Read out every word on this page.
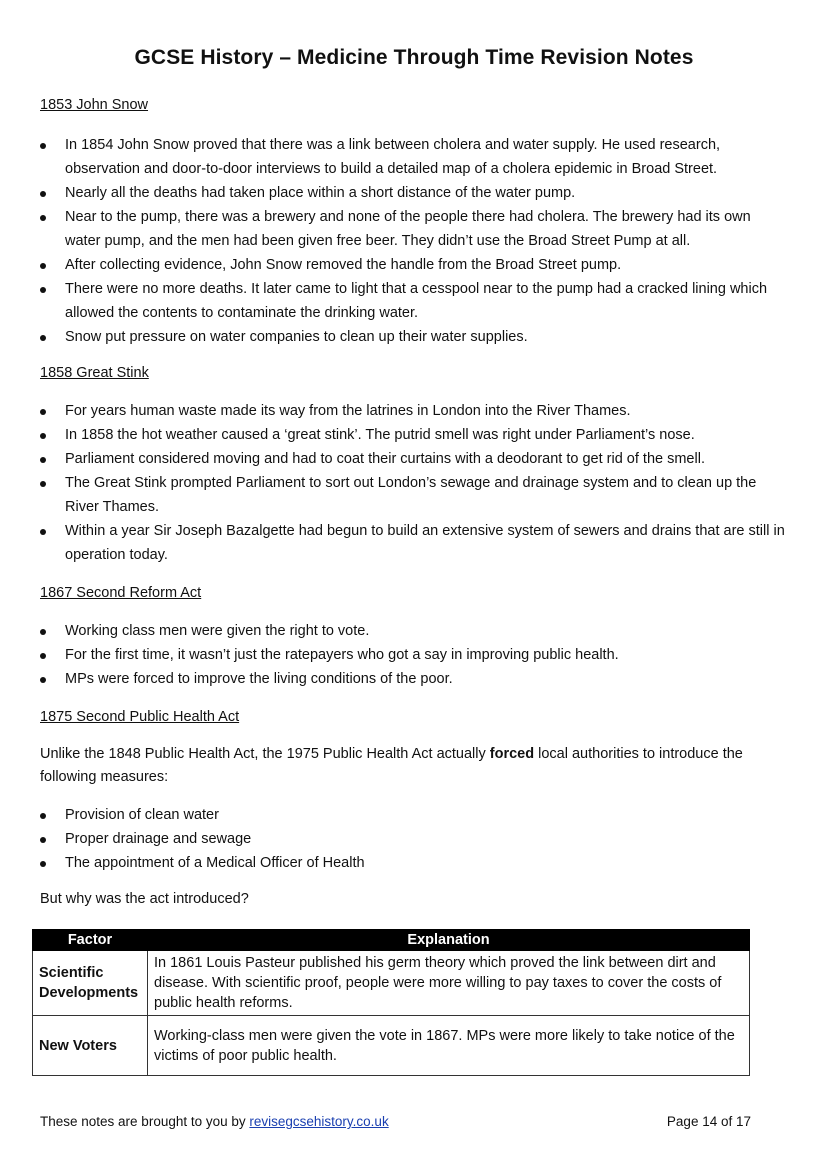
GCSE History – Medicine Through Time Revision Notes
1853 John Snow
In 1854 John Snow proved that there was a link between cholera and water supply. He used research, observation and door-to-door interviews to build a detailed map of a cholera epidemic in Broad Street.
Nearly all the deaths had taken place within a short distance of the water pump.
Near to the pump, there was a brewery and none of the people there had cholera. The brewery had its own water pump, and the men had been given free beer. They didn’t use the Broad Street Pump at all.
After collecting evidence, John Snow removed the handle from the Broad Street pump.
There were no more deaths. It later came to light that a cesspool near to the pump had a cracked lining which allowed the contents to contaminate the drinking water.
Snow put pressure on water companies to clean up their water supplies.
1858 Great Stink
For years human waste made its way from the latrines in London into the River Thames.
In 1858 the hot weather caused a ‘great stink’. The putrid smell was right under Parliament’s nose.
Parliament considered moving and had to coat their curtains with a deodorant to get rid of the smell.
The Great Stink prompted Parliament to sort out London’s sewage and drainage system and to clean up the River Thames.
Within a year Sir Joseph Bazalgette had begun to build an extensive system of sewers and drains that are still in operation today.
1867 Second Reform Act
Working class men were given the right to vote.
For the first time, it wasn’t just the ratepayers who got a say in improving public health.
MPs were forced to improve the living conditions of the poor.
1875 Second Public Health Act

Unlike the 1848 Public Health Act, the 1975 Public Health Act actually forced local authorities to introduce the following measures:

Provision of clean water
Proper drainage and sewage
The appointment of a Medical Officer of Health

But why was the act introduced?

Factor	Explanation
Scientific Developments	In 1861 Louis Pasteur published his germ theory which proved the link between dirt and disease. With scientific proof, people were more willing to pay taxes to cover the costs of public health reforms.
New Voters	Working-class men were given the vote in 1867. MPs were more likely to take notice of the victims of poor public health.
These notes are brought to you by revisegcsehistory.co.uk	Page 14 of 17
